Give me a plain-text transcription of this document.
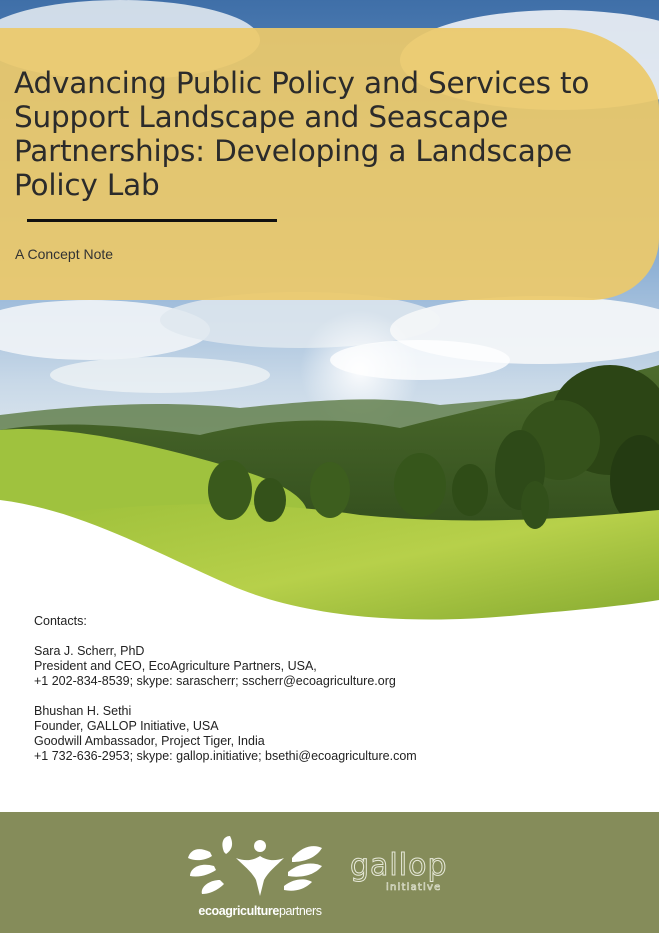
Advancing Public Policy and Services to Support Landscape and Seascape Partnerships: Developing a Landscape Policy Lab
A Concept Note
Contacts:
Sara J. Scherr, PhD
President and CEO, EcoAgriculture Partners, USA,
+1 202-834-8539; skype: sarascherr; sscherr@ecoagriculture.org
Bhushan H. Sethi
Founder, GALLOP Initiative, USA
Goodwill Ambassador, Project Tiger, India
+1 732-636-2953; skype: gallop.initiative; bsethi@ecoagriculture.com
ecoagriculturepartners
gallop
initiative
